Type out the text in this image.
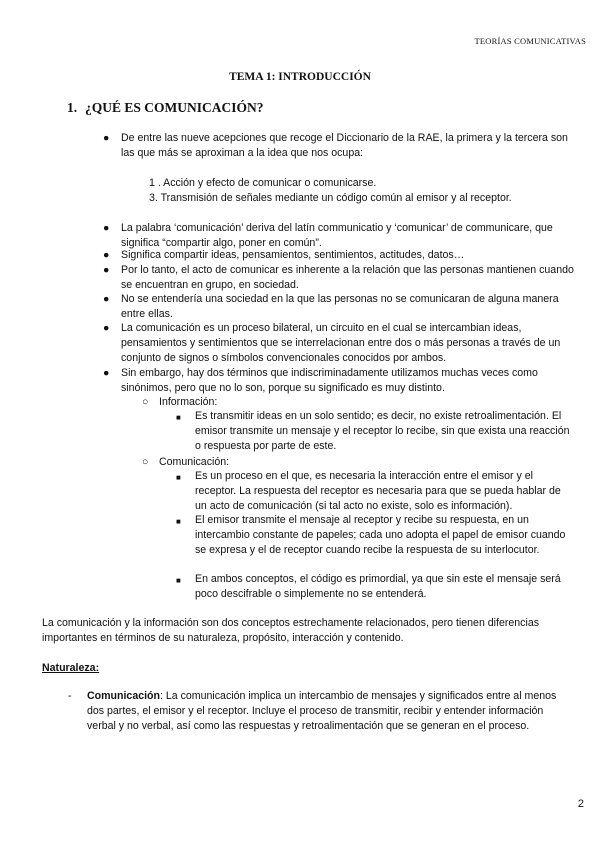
TEORÍAS COMUNICATIVAS
TEMA 1: INTRODUCCIÓN
1. ¿QUÉ ES COMUNICACIÓN?
● De entre las nueve acepciones que recoge el Diccionario de la RAE, la primera y la tercera son las que más se aproximan a la idea que nos ocupa:
1 . Acción y efecto de comunicar o comunicarse.
3. Transmisión de señales mediante un código común al emisor y al receptor.
● La palabra ‘comunicación’ deriva del latín communicatio y ‘comunicar’ de communicare, que significa “compartir algo, poner en común”.
● Significa compartir ideas, pensamientos, sentimientos, actitudes, datos…
● Por lo tanto, el acto de comunicar es inherente a la relación que las personas mantienen cuando se encuentran en grupo, en sociedad.
● No se entendería una sociedad en la que las personas no se comunicaran de alguna manera entre ellas.
● La comunicación es un proceso bilateral, un circuito en el cual se intercambian ideas, pensamientos y sentimientos que se interrelacionan entre dos o más personas a través de un conjunto de signos o símbolos convencionales conocidos por ambos.
● Sin embargo, hay dos términos que indiscriminadamente utilizamos muchas veces como sinónimos, pero que no lo son, porque su significado es muy distinto.
○ Información:
■ Es transmitir ideas en un solo sentido; es decir, no existe retroalimentación. El emisor transmite un mensaje y el receptor lo recibe, sin que exista una reacción o respuesta por parte de este.
○ Comunicación:
■ Es un proceso en el que, es necesaria la interacción entre el emisor y el receptor. La respuesta del receptor es necesaria para que se pueda hablar de un acto de comunicación (si tal acto no existe, solo es información).
■ El emisor transmite el mensaje al receptor y recibe su respuesta, en un intercambio constante de papeles; cada uno adopta el papel de emisor cuando se expresa y el de receptor cuando recibe la respuesta de su interlocutor.
■ En ambos conceptos, el código es primordial, ya que sin este el mensaje será poco descifrable o simplemente no se entenderá.
La comunicación y la información son dos conceptos estrechamente relacionados, pero tienen diferencias importantes en términos de su naturaleza, propósito, interacción y contenido.
Naturaleza:
- Comunicación: La comunicación implica un intercambio de mensajes y significados entre al menos dos partes, el emisor y el receptor. Incluye el proceso de transmitir, recibir y entender información verbal y no verbal, así como las respuestas y retroalimentación que se generan en el proceso.
2
